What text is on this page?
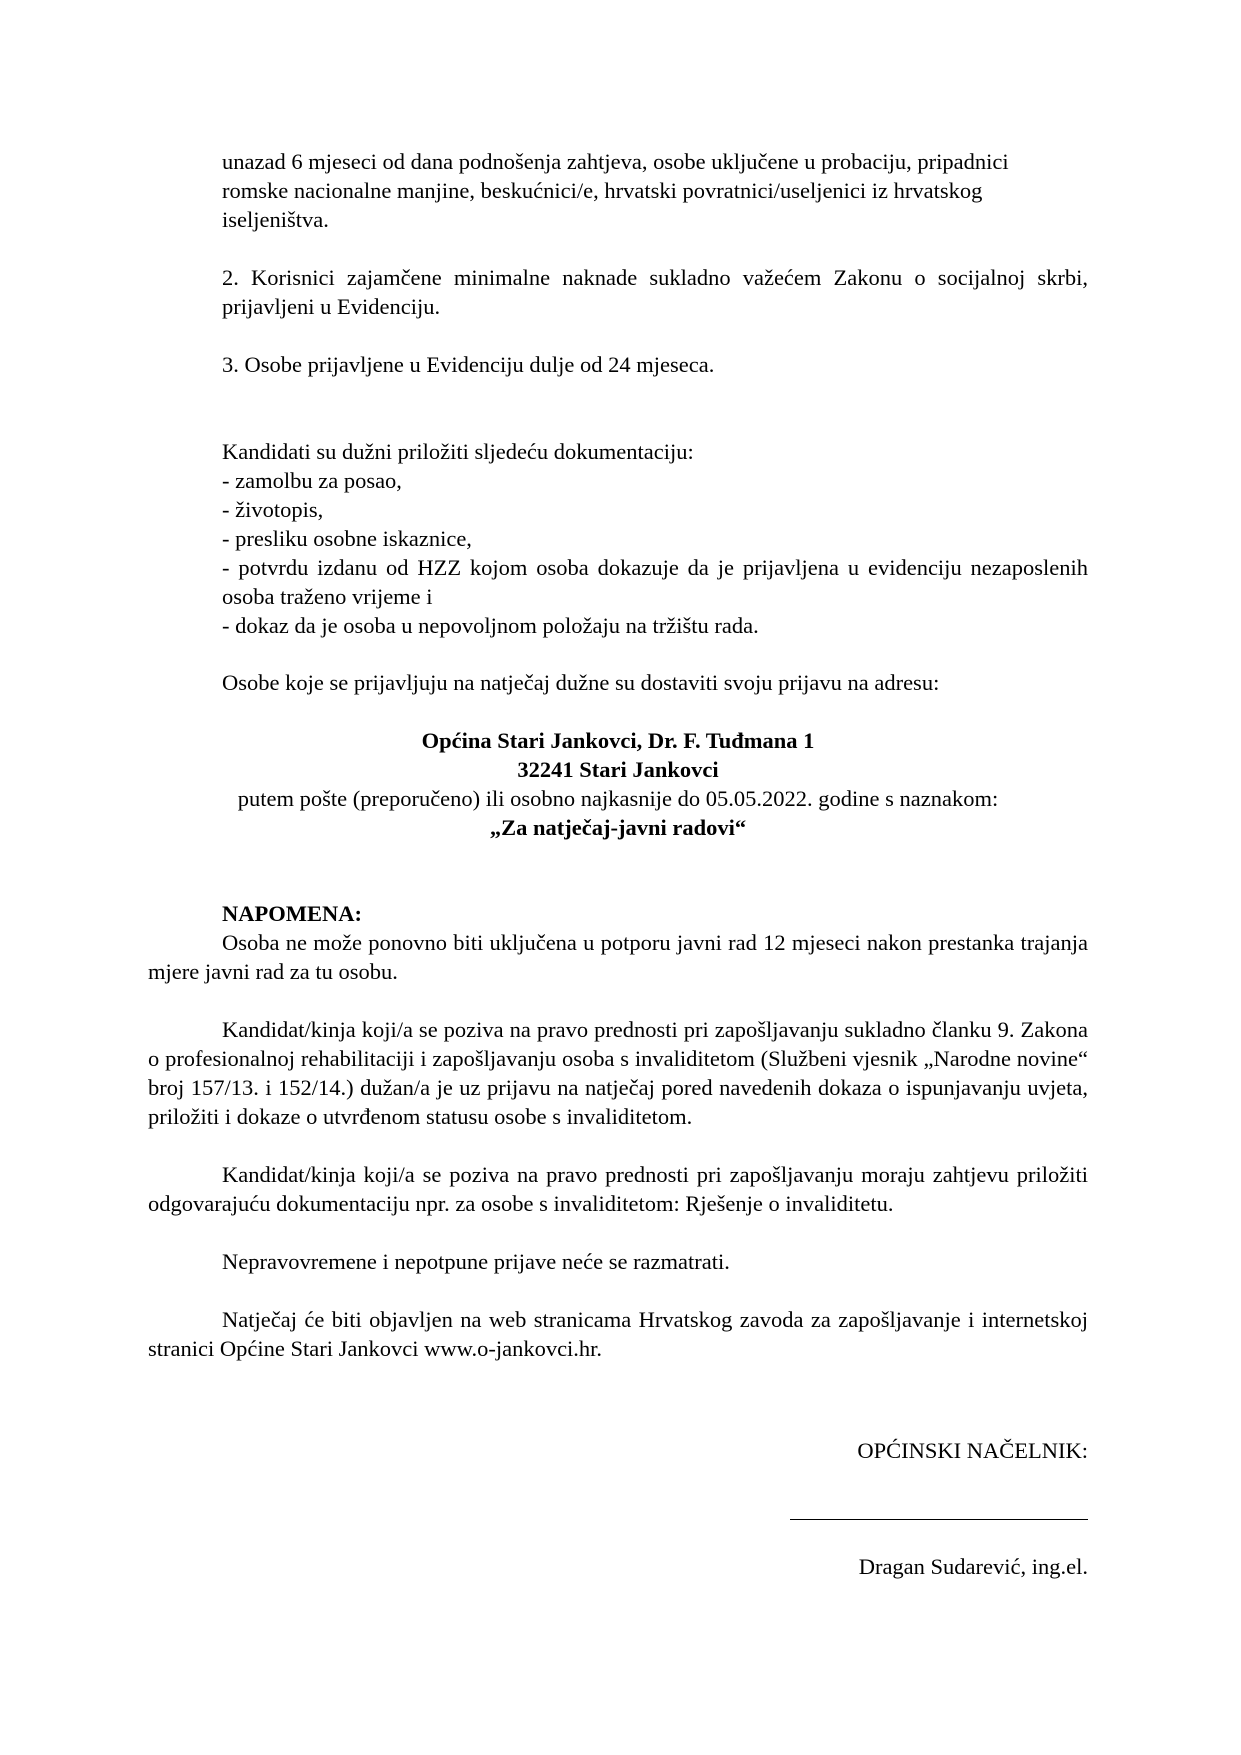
unazad 6 mjeseci od dana podnošenja zahtjeva, osobe uključene u probaciju, pripadnici
romske nacionalne manjine, beskućnici/e, hrvatski povratnici/useljenici iz hrvatskog
iseljeništva.

2. Korisnici zajamčene minimalne naknade sukladno važećem Zakonu o socijalnoj skrbi, prijavljeni u Evidenciju.

3. Osobe prijavljene u Evidenciju dulje od 24 mjeseca.

Kandidati su dužni priložiti sljedeću dokumentaciju:

- zamolbu za posao,

- životopis,

- presliku osobne iskaznice,

- potvrdu izdanu od HZZ kojom osoba dokazuje da je prijavljena u evidenciju nezaposlenih osoba traženo vrijeme i

- dokaz da je osoba u nepovoljnom položaju na tržištu rada.

Osobe koje se prijavljuju na natječaj dužne su dostaviti svoju prijavu na adresu:

Općina Stari Jankovci, Dr. F. Tuđmana 1
32241 Stari Jankovci
putem pošte (preporučeno) ili osobno najkasnije do 05.05.2022. godine s naznakom:
„Za natječaj-javni radovi“

NAPOMENA:

Osoba ne može ponovno biti uključena u potporu javni rad 12 mjeseci nakon prestanka trajanja mjere javni rad za tu osobu.

Kandidat/kinja koji/a se poziva na pravo prednosti pri zapošljavanju sukladno članku 9. Zakona o profesionalnoj rehabilitaciji i zapošljavanju osoba s invaliditetom (Službeni vjesnik „Narodne novine“ broj 157/13. i 152/14.) dužan/a je uz prijavu na natječaj pored navedenih dokaza o ispunjavanju uvjeta, priložiti i dokaze o utvrđenom statusu osobe s invaliditetom.

Kandidat/kinja koji/a se poziva na pravo prednosti pri zapošljavanju moraju zahtjevu priložiti odgovarajuću dokumentaciju npr. za osobe s invaliditetom: Rješenje o invaliditetu.

Nepravovremene i nepotpune prijave neće se razmatrati.

Natječaj će biti objavljen na web stranicama Hrvatskog zavoda za zapošljavanje i internetskoj stranici Općine Stari Jankovci www.o-jankovci.hr.

OPĆINSKI NAČELNIK:
Dragan Sudarević, ing.el.
